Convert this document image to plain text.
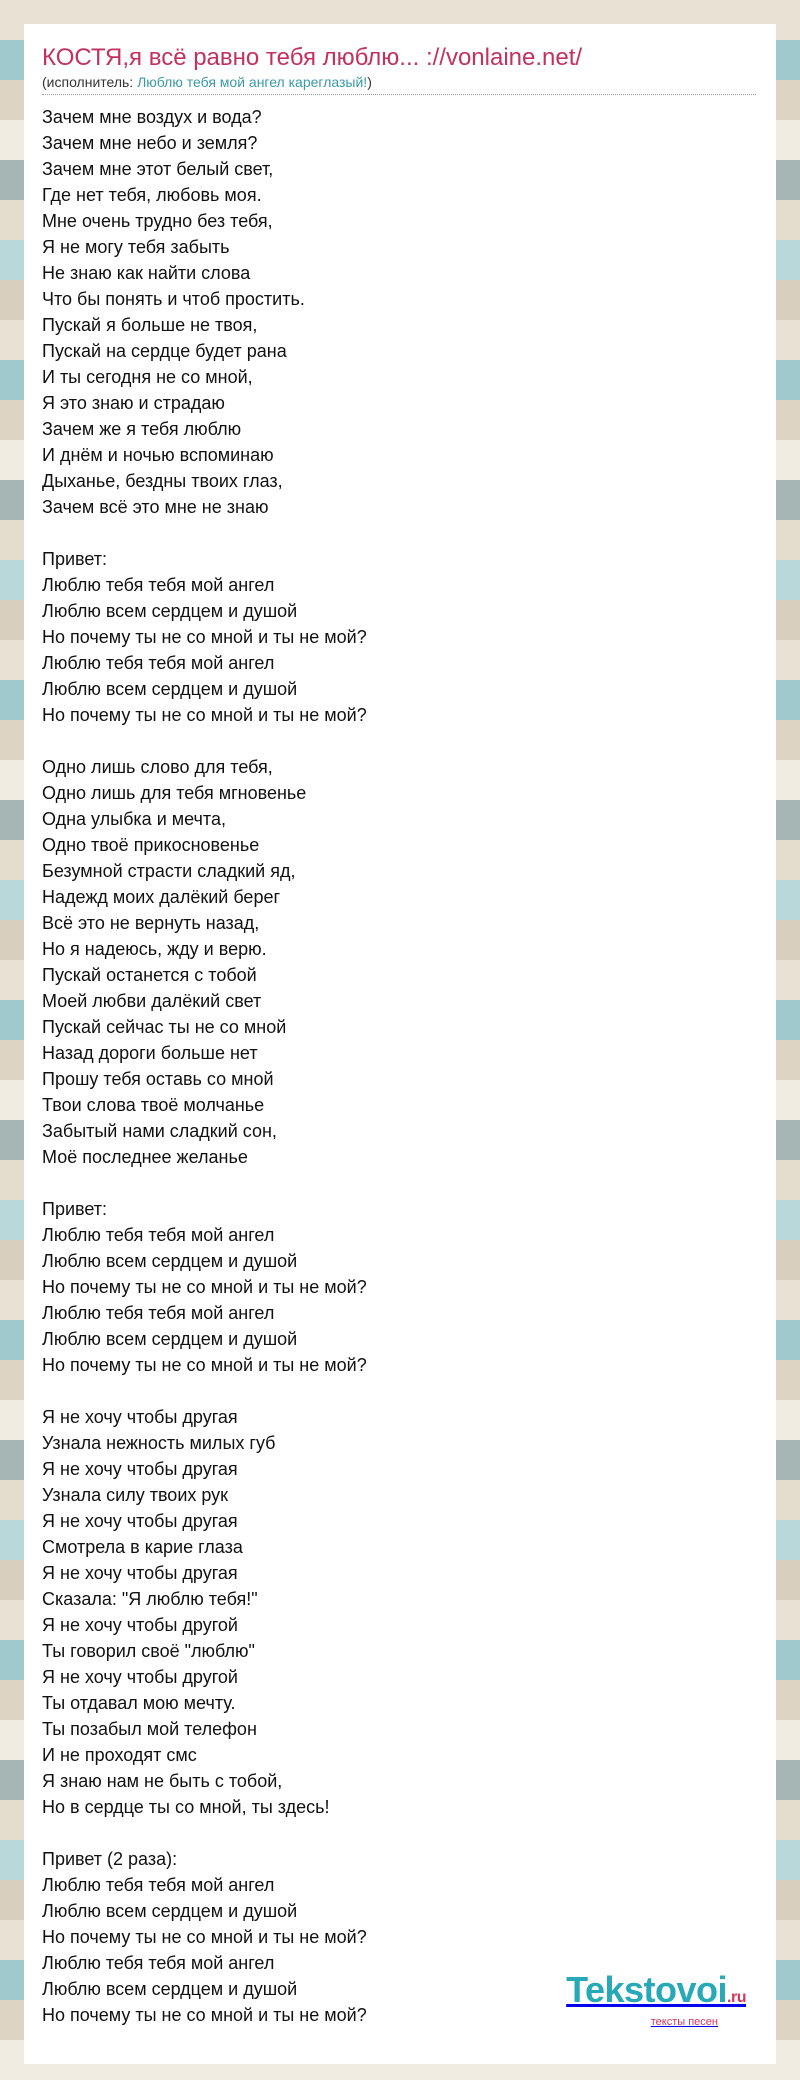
КОСТЯ,я всё равно тебя люблю... ://vonlaine.net/

(исполнитель: Люблю тебя мой ангел кареглазый!)

Зачем мне воздух и вода?
Зачем мне небо и земля?
Зачем мне этот белый свет,
Где нет тебя, любовь моя.
Мне очень трудно без тебя,
Я не могу тебя забыть
Не знаю как найти слова
Что бы понять и чтоб простить.
Пускай я больше не твоя,
Пускай на сердце будет рана
И ты сегодня не со мной,
Я это знаю и страдаю
Зачем же я тебя люблю
И днём и ночью вспоминаю
Дыханье, бездны твоих глаз,
Зачем всё это мне не знаю
Привет:
Люблю тебя тебя мой ангел
Люблю всем сердцем и душой
Но почему ты не со мной и ты не мой?
Люблю тебя тебя мой ангел
Люблю всем сердцем и душой
Но почему ты не со мной и ты не мой?
Одно лишь слово для тебя,
Одно лишь для тебя мгновенье
Одна улыбка и мечта,
Одно твоё прикосновенье
Безумной страсти сладкий яд,
Надежд моих далёкий берег
Всё это не вернуть назад,
Но я надеюсь, жду и верю.
Пускай останется с тобой
Моей любви далёкий свет
Пускай сейчас ты не со мной
Назад дороги больше нет
Прошу тебя оставь со мной
Твои слова твоё молчанье
Забытый нами сладкий сон,
Моё последнее желанье
Привет:
Люблю тебя тебя мой ангел
Люблю всем сердцем и душой
Но почему ты не со мной и ты не мой?
Люблю тебя тебя мой ангел
Люблю всем сердцем и душой
Но почему ты не со мной и ты не мой?
Я не хочу чтобы другая
Узнала нежность милых губ
Я не хочу чтобы другая
Узнала силу твоих рук
Я не хочу чтобы другая
Смотрела в карие глаза
Я не хочу чтобы другая
Сказала: "Я люблю тебя!"
Я не хочу чтобы другой
Ты говорил своё "люблю"
Я не хочу чтобы другой
Ты отдавал мою мечту.
Ты позабыл мой телефон
И не проходят смс
Я знаю нам не быть с тобой,
Но в сердце ты со мной, ты здесь!
Привет (2 раза):
Люблю тебя тебя мой ангел
Люблю всем сердцем и душой
Но почему ты не со мной и ты не мой?
Люблю тебя тебя мой ангел
Люблю всем сердцем и душой
Но почему ты не со мной и ты не мой?
Tekstovoi.ru
тексты песен
